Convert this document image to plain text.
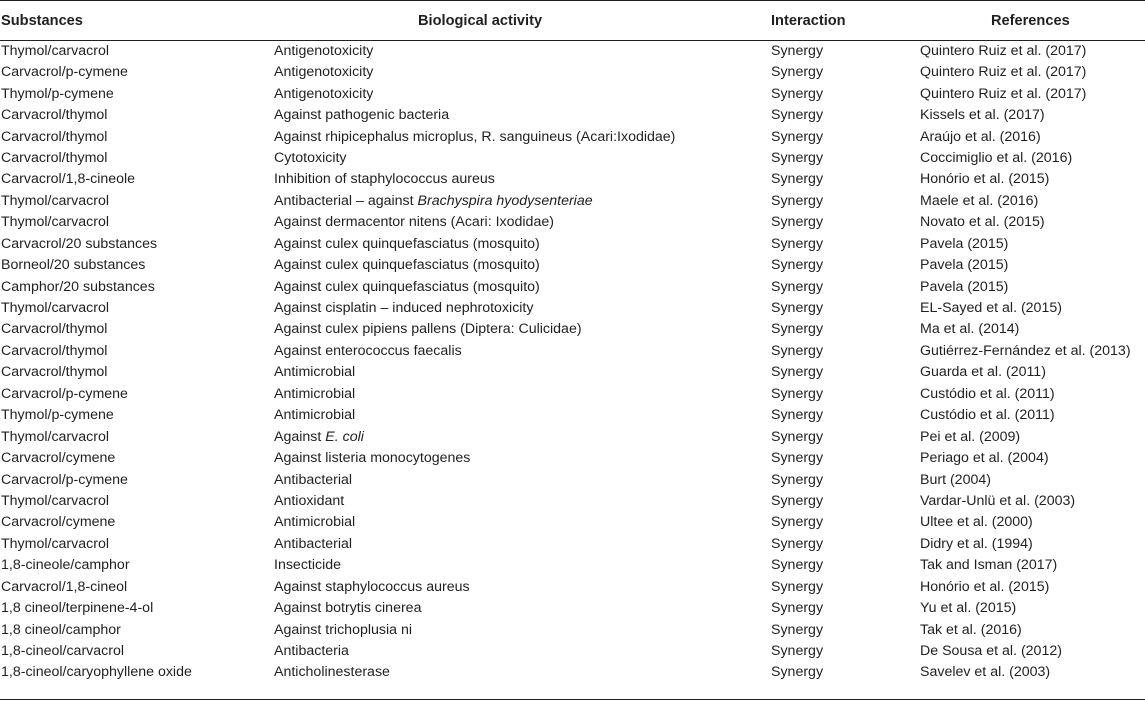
Substances	Biological activity	Interaction	References
Thymol/carvacrol	Antigenotoxicity	Synergy	Quintero Ruiz et al. (2017)
Carvacrol/p-cymene	Antigenotoxicity	Synergy	Quintero Ruiz et al. (2017)
Thymol/p-cymene	Antigenotoxicity	Synergy	Quintero Ruiz et al. (2017)
Carvacrol/thymol	Against pathogenic bacteria	Synergy	Kissels et al. (2017)
Carvacrol/thymol	Against rhipicephalus microplus, R. sanguineus (Acari:Ixodidae)	Synergy	Araújo et al. (2016)
Carvacrol/thymol	Cytotoxicity	Synergy	Coccimiglio et al. (2016)
Carvacrol/1,8-cineole	Inhibition of staphylococcus aureus	Synergy	Honório et al. (2015)
Thymol/carvacrol	Antibacterial – against Brachyspira hyodysenteriae	Synergy	Maele et al. (2016)
Thymol/carvacrol	Against dermacentor nitens (Acari: Ixodidae)	Synergy	Novato et al. (2015)
Carvacrol/20 substances	Against culex quinquefasciatus (mosquito)	Synergy	Pavela (2015)
Borneol/20 substances	Against culex quinquefasciatus (mosquito)	Synergy	Pavela (2015)
Camphor/20 substances	Against culex quinquefasciatus (mosquito)	Synergy	Pavela (2015)
Thymol/carvacrol	Against cisplatin – induced nephrotoxicity	Synergy	EL-Sayed et al. (2015)
Carvacrol/thymol	Against culex pipiens pallens (Diptera: Culicidae)	Synergy	Ma et al. (2014)
Carvacrol/thymol	Against enterococcus faecalis	Synergy	Gutiérrez-Fernández et al. (2013)
Carvacrol/thymol	Antimicrobial	Synergy	Guarda et al. (2011)
Carvacrol/p-cymene	Antimicrobial	Synergy	Custódio et al. (2011)
Thymol/p-cymene	Antimicrobial	Synergy	Custódio et al. (2011)
Thymol/carvacrol	Against E. coli	Synergy	Pei et al. (2009)
Carvacrol/cymene	Against listeria monocytogenes	Synergy	Periago et al. (2004)
Carvacrol/p-cymene	Antibacterial	Synergy	Burt (2004)
Thymol/carvacrol	Antioxidant	Synergy	Vardar-Unlü et al. (2003)
Carvacrol/cymene	Antimicrobial	Synergy	Ultee et al. (2000)
Thymol/carvacrol	Antibacterial	Synergy	Didry et al. (1994)
1,8-cineole/camphor	Insecticide	Synergy	Tak and Isman (2017)
Carvacrol/1,8-cineol	Against staphylococcus aureus	Synergy	Honório et al. (2015)
1,8 cineol/terpinene-4-ol	Against botrytis cinerea	Synergy	Yu et al. (2015)
1,8 cineol/camphor	Against trichoplusia ni	Synergy	Tak et al. (2016)
1,8-cineol/carvacrol	Antibacteria	Synergy	De Sousa et al. (2012)
1,8-cineol/caryophyllene oxide	Anticholinesterase	Synergy	Savelev et al. (2003)
